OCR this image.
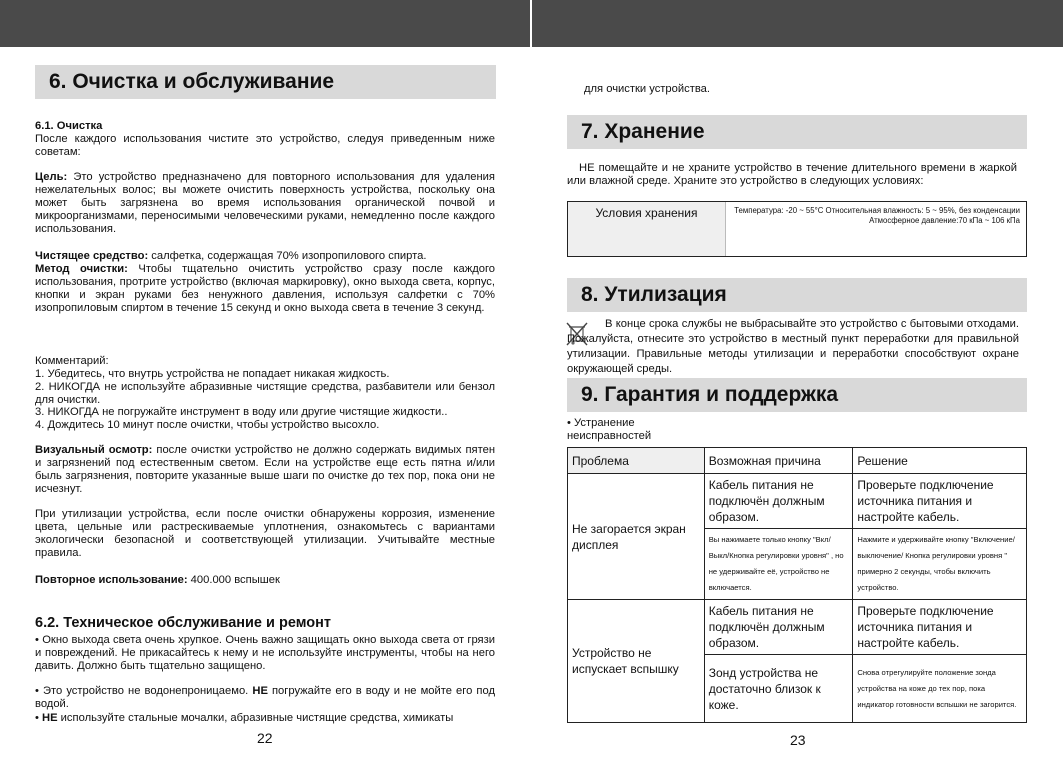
6. Очистка и обслуживание
6.1. Очистка
После каждого использования чистите это устройство, следуя приведенным ниже советам:
Цель: Это устройство предназначено для повторного использования для удаления нежелательных волос; вы можете очистить поверхность устройства, поскольку она может быть загрязнена во время использования органической почвой и микроорганизмами, переносимыми человеческими руками, немедленно после каждого использования.
Чистящее средство: салфетка, содержащая 70% изопропилового спирта.
Метод очистки: Чтобы тщательно очистить устройство сразу после каждого использования, протрите устройство (включая маркировку), окно выхода света, корпус, кнопки и экран руками без ненужного давления, используя салфетки с 70% изопропиловым спиртом в течение 15 секунд и окно выхода света в течение 3 секунд.
Комментарий:
1. Убедитесь, что внутрь устройства не попадает никакая жидкость.
2. НИКОГДА не используйте абразивные чистящие средства, разбавители или бензол для очистки.
3. НИКОГДА не погружайте инструмент в воду или другие чистящие жидкости..
4. Дождитесь 10 минут после очистки, чтобы устройство высохло.
Визуальный осмотр: после очистки устройство не должно содержать видимых пятен и загрязнений под естественным светом. Если на устройстве еще есть пятна и/или быль загрязнения, повторите указанные выше шаги по очистке до тех пор, пока они не исчезнут.
При утилизации устройства, если после очистки обнаружены коррозия, изменение цвета, цельные или растрескиваемые уплотнения, ознакомьтесь с вариантами экологически безопасной и соответствующей утилизации. Учитывайте местные правила.
Повторное использование: 400.000 вспышек
6.2. Техническое обслуживание и ремонт
• Окно выхода света очень хрупкое. Очень важно защищать окно выхода света от грязи и повреждений. Не прикасайтесь к нему и не используйте инструменты, чтобы на него давить. Должно быть тщательно защищено.
• Это устройство не водонепроницаемо. НЕ погружайте его в воду и не мойте его под водой.
• НЕ используйте стальные мочалки, абразивные чистящие средства, химикаты
22
для очистки устройства.
7. Хранение
НЕ помещайте и не храните устройство в течение длительного времени в жаркой или влажной среде. Храните это устройство в следующих условиях:
Условия хранения	Температура: -20 ~ 55°C Относительная влажность: 5 ~ 95%, без конденсации Атмосферное давление:70 кПа ~ 106 кПа
8. Утилизация
В конце срока службы не выбрасывайте это устройство с бытовыми отходами. Пожалуйста, отнесите это устройство в местный пункт переработки для правильной утилизации. Правильные методы утилизации и переработки способствуют охране окружающей среды.
9. Гарантия и поддержка
• Устранение неисправностей
Проблема	Возможная причина	Решение
Не загорается экран дисплея	Кабель питания не подключён должным образом.	Проверьте подключение источника питания и настройте кабель.
	Вы нажимаете только кнопку "Вкл/Выкл/Кнопка регулировки уровня" , но не удерживайте её, устройство не включается.	Нажмите и удерживайте кнопку "Включение/выключение/ Кнопка регулировки уровня " примерно 2 секунды, чтобы включить устройство.
Устройство не испускает вспышку	Кабель питания не подключён должным образом.	Проверьте подключение источника питания и настройте кабель.
	Зонд устройства не достаточно близок к коже.	Снова отрегулируйте положение зонда устройства на коже до тех пор, пока индикатор готовности вспышки не загорится.
23
